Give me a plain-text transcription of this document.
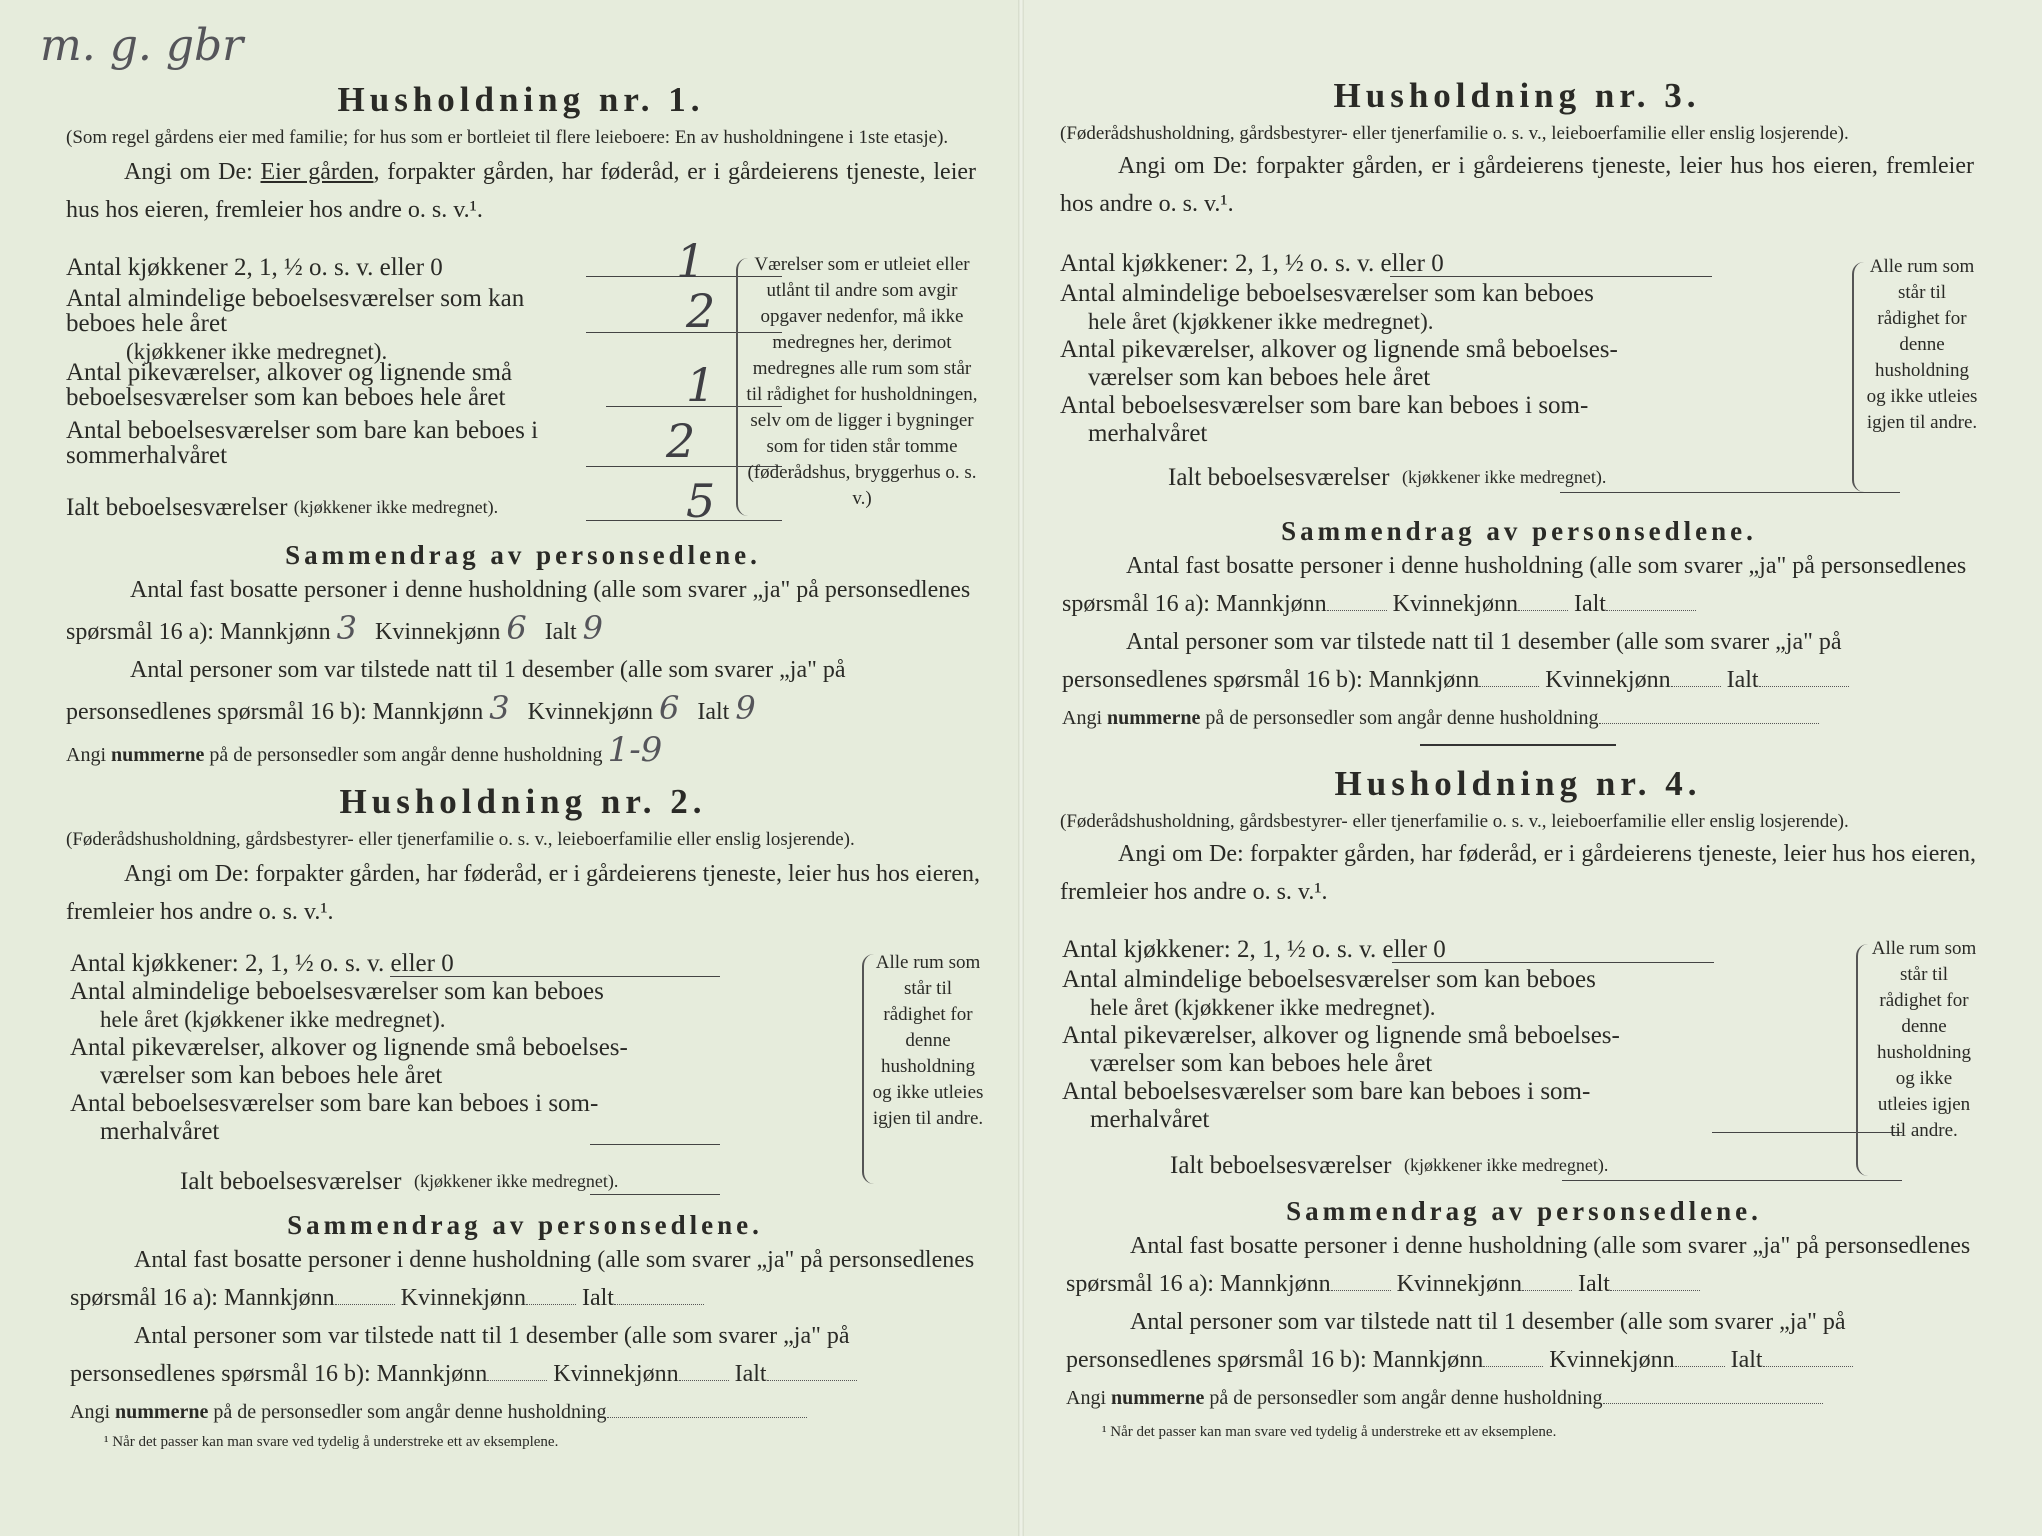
m. g. gbr
Husholdning nr. 1.

(Som regel gårdens eier med familie; for hus som er bortleiet til flere leieboere: En av husholdningene i 1ste etasje).

Angi om De: Eier gården, forpakter gården, har føderåd, er i gårdeierens tjeneste, leier hus hos eieren, fremleier hos andre o. s. v.¹.

Antal kjøkkener 2, 1, ½ o. s. v. eller 0	1
Antal almindelige beboelsesværelser som kan beboes hele året	2
(kjøkkener ikke medregnet).
Antal pikeværelser, alkover og lignende små beboelsesværelser som kan beboes hele året	1
Antal beboelsesværelser som bare kan beboes i sommerhalvåret	2
Ialt beboelsesværelser
(kjøkkener ikke medregnet).	5
Værelser som er utleiet eller utlånt til andre som avgir opgaver nedenfor, må ikke medregnes her, derimot medregnes alle rum som står til rådighet for husholdningen, selv om de ligger i bygninger som for tiden står tomme (føderådshus, bryggerhus o. s. v.)
Sammendrag av personsedlene.

Antal fast bosatte personer i denne husholdning (alle som svarer „ja" på personsedlenes spørsmål 16 a): Mannkjønn 3 Kvinnekjønn 6 Ialt 9

Antal personer som var tilstede natt til 1 desember (alle som svarer „ja" på personsedlenes spørsmål 16 b): Mannkjønn 3 Kvinnekjønn 6 Ialt 9

Angi nummerne på de personsedler som angår denne husholdning 1-9

Husholdning nr. 2.

(Føderådshusholdning, gårdsbestyrer- eller tjenerfamilie o. s. v., leieboerfamilie eller enslig losjerende).

Angi om De: forpakter gården, har føderåd, er i gårdeierens tjeneste, leier hus hos eieren, fremleier hos andre o. s. v.¹.

Antal kjøkkener: 2, 1, ½ o. s. v. eller 0
Antal almindelige beboelsesværelser som kan beboes
hele året (kjøkkener ikke medregnet).
Antal pikeværelser, alkover og lignende små beboelses-
værelser som kan beboes hele året
Antal beboelsesværelser som bare kan beboes i som-
merhalvåret
Ialt beboelsesværelser
(kjøkkener ikke medregnet).
Alle rum som står til rådighet for denne husholdning og ikke utleies igjen til andre.
Sammendrag av personsedlene.

Antal fast bosatte personer i denne husholdning (alle som svarer „ja" på personsedlenes spørsmål 16 a): Mannkjønn	Kvinnekjønn Ialt

Antal personer som var tilstede natt til 1 desember (alle som svarer „ja" på personsedlenes spørsmål 16 b): Mannkjønn	Kvinnekjønn Ialt

Angi nummerne på de personsedler som angår denne husholdning

¹ Når det passer kan man svare ved tydelig å understreke ett av eksemplene.
Husholdning nr. 3.

(Føderådshusholdning, gårdsbestyrer- eller tjenerfamilie o. s. v., leieboerfamilie eller enslig losjerende).

Angi om De: forpakter gården, er i gårdeierens tjeneste, leier hus hos eieren, fremleier hos andre o. s. v.¹.

Antal kjøkkener: 2, 1, ½ o. s. v. eller 0
Antal almindelige beboelsesværelser som kan beboes
hele året (kjøkkener ikke medregnet).
Antal pikeværelser, alkover og lignende små beboelses-
værelser som kan beboes hele året
Antal beboelsesværelser som bare kan beboes i som-
merhalvåret
Ialt beboelsesværelser
(kjøkkener ikke medregnet).
Alle rum som står til rådighet for denne husholdning og ikke utleies igjen til andre.
Sammendrag av personsedlene.

Antal fast bosatte personer i denne husholdning (alle som svarer „ja" på personsedlenes spørsmål 16 a): Mannkjønn	Kvinnekjønn Ialt

Antal personer som var tilstede natt til 1 desember (alle som svarer „ja" på personsedlenes spørsmål 16 b): Mannkjønn	Kvinnekjønn Ialt

Angi nummerne på de personsedler som angår denne husholdning

Husholdning nr. 4.

(Føderådshusholdning, gårdsbestyrer- eller tjenerfamilie o. s. v., leieboerfamilie eller enslig losjerende).

Angi om De: forpakter gården, har føderåd, er i gårdeierens tjeneste, leier hus hos eieren, fremleier hos andre o. s. v.¹.

Antal kjøkkener: 2, 1, ½ o. s. v. eller 0
Antal almindelige beboelsesværelser som kan beboes
hele året (kjøkkener ikke medregnet).
Antal pikeværelser, alkover og lignende små beboelses-
værelser som kan beboes hele året
Antal beboelsesværelser som bare kan beboes i som-
merhalvåret
Ialt beboelsesværelser
(kjøkkener ikke medregnet).
Alle rum som står til rådighet for denne husholdning og ikke utleies igjen til andre.
Sammendrag av personsedlene.

Antal fast bosatte personer i denne husholdning (alle som svarer „ja" på personsedlenes spørsmål 16 a): Mannkjønn	Kvinnekjønn Ialt

Antal personer som var tilstede natt til 1 desember (alle som svarer „ja" på personsedlenes spørsmål 16 b): Mannkjønn	Kvinnekjønn Ialt

Angi nummerne på de personsedler som angår denne husholdning

¹ Når det passer kan man svare ved tydelig å understreke ett av eksemplene.
